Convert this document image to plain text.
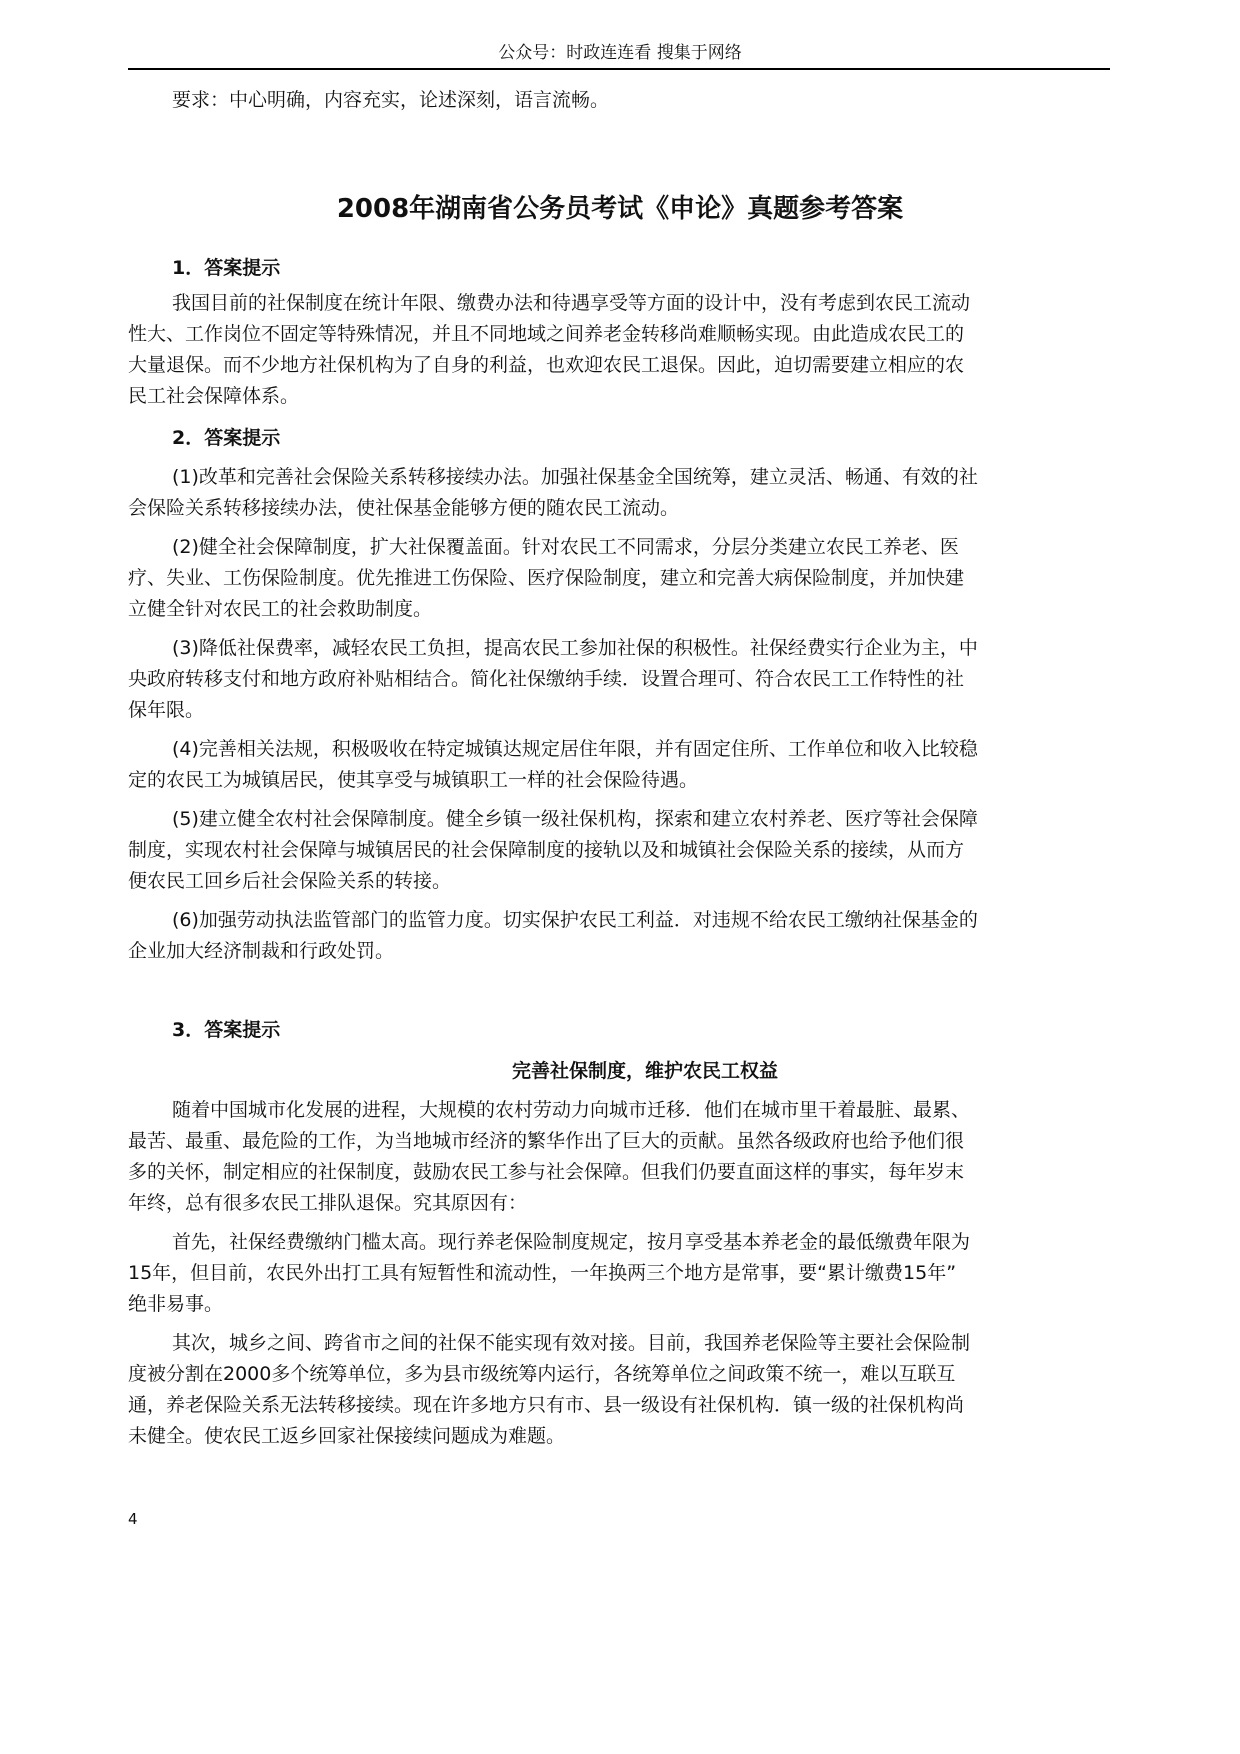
公众号：时政连连看 搜集于网络
要求：中心明确，内容充实，论述深刻，语言流畅。
2008年湖南省公务员考试《申论》真题参考答案
1．答案提示
我国目前的社保制度在统计年限、缴费办法和待遇享受等方面的设计中，没有考虑到农民工流动
性大、工作岗位不固定等特殊情况，并且不同地域之间养老金转移尚难顺畅实现。由此造成农民工的
大量退保。而不少地方社保机构为了自身的利益，也欢迎农民工退保。因此，迫切需要建立相应的农
民工社会保障体系。
2．答案提示
(1)改革和完善社会保险关系转移接续办法。加强社保基金全国统筹，建立灵活、畅通、有效的社
会保险关系转移接续办法，使社保基金能够方便的随农民工流动。
(2)健全社会保障制度，扩大社保覆盖面。针对农民工不同需求，分层分类建立农民工养老、医
疗、失业、工伤保险制度。优先推进工伤保险、医疗保险制度，建立和完善大病保险制度，并加快建
立健全针对农民工的社会救助制度。
(3)降低社保费率，减轻农民工负担，提高农民工参加社保的积极性。社保经费实行企业为主，中
央政府转移支付和地方政府补贴相结合。简化社保缴纳手续．设置合理可、符合农民工工作特性的社
保年限。
(4)完善相关法规，积极吸收在特定城镇达规定居住年限，并有固定住所、工作单位和收入比较稳
定的农民工为城镇居民，使其享受与城镇职工一样的社会保险待遇。
(5)建立健全农村社会保障制度。健全乡镇一级社保机构，探索和建立农村养老、医疗等社会保障
制度，实现农村社会保障与城镇居民的社会保障制度的接轨以及和城镇社会保险关系的接续，从而方
便农民工回乡后社会保险关系的转接。
(6)加强劳动执法监管部门的监管力度。切实保护农民工利益．对违规不给农民工缴纳社保基金的
企业加大经济制裁和行政处罚。
3．答案提示
完善社保制度，维护农民工权益
随着中国城市化发展的进程，大规模的农村劳动力向城市迁移．他们在城市里干着最脏、最累、
最苦、最重、最危险的工作，为当地城市经济的繁华作出了巨大的贡献。虽然各级政府也给予他们很
多的关怀，制定相应的社保制度，鼓励农民工参与社会保障。但我们仍要直面这样的事实，每年岁末
年终，总有很多农民工排队退保。究其原因有：
首先，社保经费缴纳门槛太高。现行养老保险制度规定，按月享受基本养老金的最低缴费年限为
15年，但目前，农民外出打工具有短暂性和流动性，一年换两三个地方是常事，要“累计缴费15年”
绝非易事。
其次，城乡之间、跨省市之间的社保不能实现有效对接。目前，我国养老保险等主要社会保险制
度被分割在2000多个统筹单位，多为县市级统筹内运行，各统筹单位之间政策不统一，难以互联互
通，养老保险关系无法转移接续。现在许多地方只有市、县一级设有社保机构．镇一级的社保机构尚
未健全。使农民工返乡回家社保接续问题成为难题。
4
